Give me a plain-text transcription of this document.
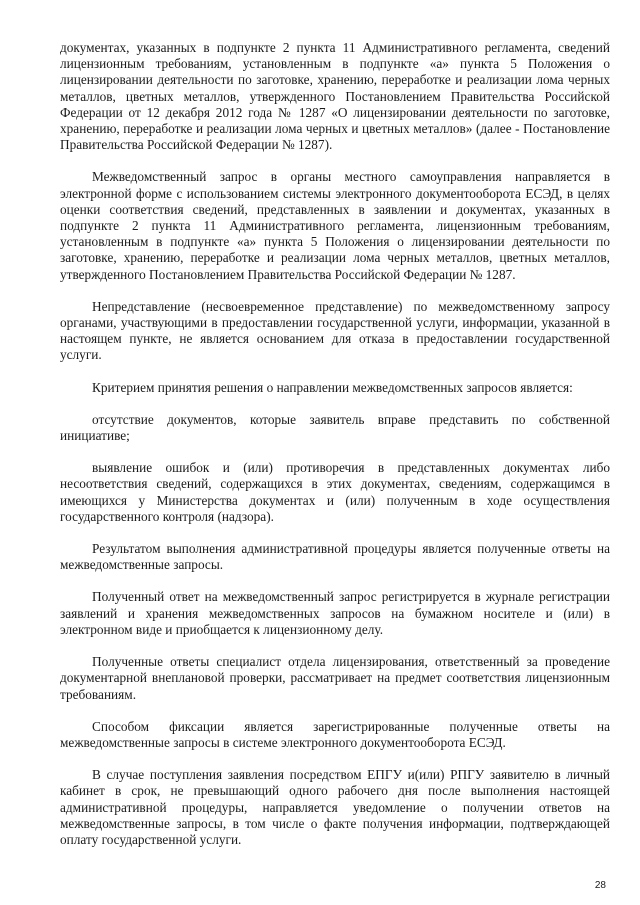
документах, указанных в подпункте 2 пункта 11 Административного регламента, сведений лицензионным требованиям, установленным в подпункте «а» пункта 5 Положения о лицензировании деятельности по заготовке, хранению, переработке и реализации лома черных металлов, цветных металлов, утвержденного Постановлением Правительства Российской Федерации от 12 декабря 2012 года № 1287 «О лицензировании деятельности по заготовке, хранению, переработке и реализации лома черных и цветных металлов» (далее - Постановление Правительства Российской Федерации № 1287).

Межведомственный запрос в органы местного самоуправления направляется в электронной форме с использованием системы электронного документооборота ЕСЭД, в целях оценки соответствия сведений, представленных в заявлении и документах, указанных в подпункте 2 пункта 11 Административного регламента, лицензионным требованиям, установленным в подпункте «а» пункта 5 Положения о лицензировании деятельности по заготовке, хранению, переработке и реализации лома черных металлов, цветных металлов, утвержденного Постановлением Правительства Российской Федерации № 1287.

Непредставление (несвоевременное представление) по межведомственному запросу органами, участвующими в предоставлении государственной услуги, информации, указанной в настоящем пункте, не является основанием для отказа в предоставлении государственной услуги.

Критерием принятия решения о направлении межведомственных запросов является:

отсутствие документов, которые заявитель вправе представить по собственной инициативе;

выявление ошибок и (или) противоречия в представленных документах либо несоответствия сведений, содержащихся в этих документах, сведениям, содержащимся в имеющихся у Министерства документах и (или) полученным в ходе осуществления государственного контроля (надзора).

Результатом выполнения административной процедуры является полученные ответы на межведомственные запросы.

Полученный ответ на межведомственный запрос регистрируется в журнале регистрации заявлений и хранения межведомственных запросов на бумажном носителе и (или) в электронном виде и приобщается к лицензионному делу.

Полученные ответы специалист отдела лицензирования, ответственный за проведение документарной внеплановой проверки, рассматривает на предмет соответствия лицензионным требованиям.

Способом фиксации является зарегистрированные полученные ответы на межведомственные запросы в системе электронного документооборота ЕСЭД.

В случае поступления заявления посредством ЕПГУ и(или) РПГУ заявителю в личный кабинет в срок, не превышающий одного рабочего дня после выполнения настоящей административной процедуры, направляется уведомление о получении ответов на межведомственные запросы, в том числе о факте получения информации, подтверждающей оплату государственной услуги.

28
